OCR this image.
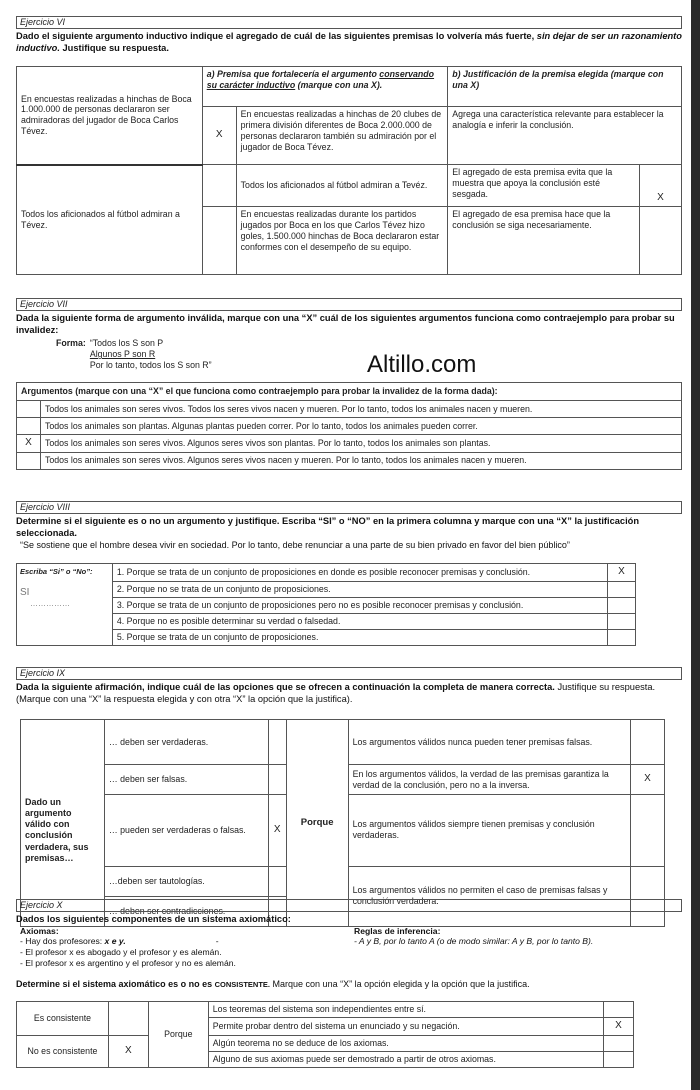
Ejercicio VI
Dado el siguiente argumento inductivo indique el agregado de cuál de las siguientes premisas lo volvería más fuerte, sin dejar de ser un razonamiento inductivo. Justifique su respuesta.
En encuestas realizadas a hinchas de Boca 1.000.000 de personas declararon ser admiradoras del jugador de Boca Carlos Tévez.	a) Premisa que fortalecería el argumento conservando su carácter inductivo (marque con una X).		b) Justificación de la premisa elegida (marque con una X)	
	X	En encuestas realizadas a hinchas de 20 clubes de primera división diferentes de Boca 2.000.000 de personas declararon también su admiración por el jugador de Boca Tévez.	Agrega una característica relevante para establecer la analogía e inferir la conclusión.	
Todos los aficionados al fútbol admiran a Tévez.		Todos los aficionados al fútbol admiran a Tevéz.	El agregado de esta premisa evita que la muestra que apoya la conclusión esté sesgada.	X
		En encuestas realizadas durante los partidos jugados por Boca en los que Carlos Tévez hizo goles, 1.500.000 hinchas de Boca declararon estar conformes con el desempeño de su equipo.	El agregado de esa premisa hace que la conclusión se siga necesariamente.	
Ejercicio VII
Dada la siguiente forma de argumento inválida, marque con una “X” cuál de los siguientes argumentos funciona como contraejemplo para probar su invalidez:
Forma:	“Todos los S son P
Algunos P son R
Por lo tanto, todos los S son R”
Argumentos (marque con una “X” el que funciona como contraejemplo para probar la invalidez de la forma dada):	
	Todos los animales son seres vivos. Todos los seres vivos nacen y mueren. Por lo tanto, todos los animales nacen y mueren.
	Todos los animales son plantas. Algunas plantas pueden correr. Por lo tanto, todos los animales pueden correr.
X	Todos los animales son seres vivos. Algunos seres vivos son plantas. Por lo tanto, todos los animales son plantas.
	Todos los animales son seres vivos. Algunos seres vivos nacen y mueren. Por lo tanto, todos los animales nacen y mueren.
Altillo.com
Ejercicio VIII
Determine si el siguiente es o no un argumento y justifique. Escriba “SI” o “NO” en la primera columna y marque con una “X” la justificación seleccionada.
“Se sostiene que el hombre desea vivir en sociedad. Por lo tanto, debe renunciar a una parte de su bien privado en favor del bien público”
Escriba “Si” o “No”:
SI
……………	1. Porque se trata de un conjunto de proposiciones en donde es posible reconocer premisas y conclusión.	X
	2. Porque no se trata de un conjunto de proposiciones.	
	3. Porque se trata de un conjunto de proposiciones pero no es posible reconocer premisas y conclusión.	
	4. Porque no es posible determinar su verdad o falsedad.	
	5. Porque se trata de un conjunto de proposiciones.	
Ejercicio IX
Dada la siguiente afirmación, indique cuál de las opciones que se ofrecen a continuación la completa de manera correcta. Justifique su respuesta. (Marque con una “X” la respuesta elegida y con otra “X” la opción que la justifica).
	… deben ser verdaderas.		Porque	Los argumentos válidos nunca pueden tener premisas falsas.	
	… deben ser falsas.			En los argumentos válidos, la verdad de las premisas garantiza la verdad de la conclusión, pero no a la inversa.	X
Dado un argumento válido con conclusión verdadera, sus premisas…	… pueden ser verdaderas o falsas.	X		Los argumentos válidos siempre tienen premisas y conclusión verdaderas.	
	…deben ser tautologías.			Los argumentos válidos no permiten el caso de premisas falsas y conclusión verdadera.	
	… deben ser contradicciones.				
Ejercicio X
Dados los siguientes componentes de un sistema axiomático:
Axiomas:
- Hay dos profesores: x e y.	-
- El profesor x es abogado y el profesor y es alemán.
- El profesor x es argentino y el profesor y no es alemán.
Reglas de inferencia:
- A y B, por lo tanto A (o de modo similar: A y B, por lo tanto B).
Determine si el sistema axiomático es o no es CONSISTENTE. Marque con una “X” la opción elegida y la opción que la justifica.
Es consistente		Porque	Los teoremas del sistema son independientes entre sí.	
			Permite probar dentro del sistema un enunciado y su negación.	X
No es consistente	X		Algún teorema no se deduce de los axiomas.	
			Alguno de sus axiomas puede ser demostrado a partir de otros axiomas.	
